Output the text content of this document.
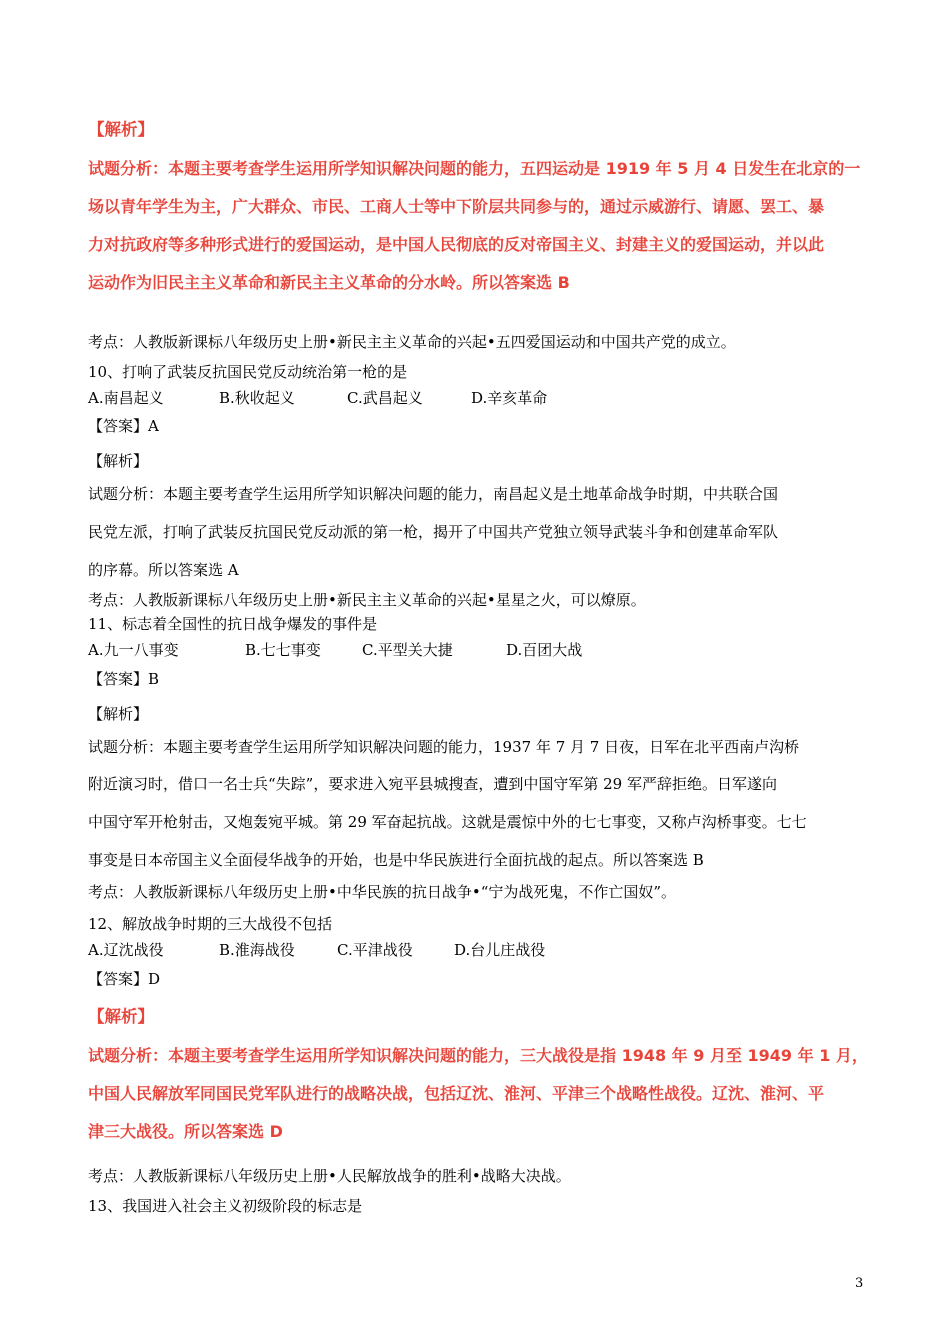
【解析】
试题分析：本题主要考查学生运用所学知识解决问题的能力，五四运动是 1919 年 5 月 4 日发生在北京的一
场以青年学生为主，广大群众、市民、工商人士等中下阶层共同参与的，通过示威游行、请愿、罢工、暴
力对抗政府等多种形式进行的爱国运动，是中国人民彻底的反对帝国主义、封建主义的爱国运动，并以此
运动作为旧民主主义革命和新民主主义革命的分水岭。所以答案选 B
考点：人教版新课标八年级历史上册•新民主主义革命的兴起•五四爱国运动和中国共产党的成立。
10、打响了武装反抗国民党反动统治第一枪的是
A.南昌起义	B.秋收起义	C.武昌起义	D.辛亥革命
【答案】A
【解析】
试题分析：本题主要考查学生运用所学知识解决问题的能力，南昌起义是土地革命战争时期，中共联合国
民党左派，打响了武装反抗国民党反动派的第一枪，揭开了中国共产党独立领导武装斗争和创建革命军队
的序幕。所以答案选 A
考点：人教版新课标八年级历史上册•新民主主义革命的兴起•星星之火，可以燎原。
11、标志着全国性的抗日战争爆发的事件是
A.九一八事变	B.七七事变	C.平型关大捷	D.百团大战
【答案】B
【解析】
试题分析：本题主要考查学生运用所学知识解决问题的能力，1937 年 7 月 7 日夜，日军在北平西南卢沟桥
附近演习时，借口一名士兵“失踪”，要求进入宛平县城搜查，遭到中国守军第 29 军严辞拒绝。日军遂向
中国守军开枪射击，又炮轰宛平城。第 29 军奋起抗战。这就是震惊中外的七七事变，又称卢沟桥事变。七七
事变是日本帝国主义全面侵华战争的开始，也是中华民族进行全面抗战的起点。所以答案选 B
考点：人教版新课标八年级历史上册•中华民族的抗日战争•“宁为战死鬼，不作亡国奴”。
12、解放战争时期的三大战役不包括
A.辽沈战役	B.淮海战役	C.平津战役	D.台儿庄战役
【答案】D
【解析】
试题分析：本题主要考查学生运用所学知识解决问题的能力，三大战役是指 1948 年 9 月至 1949 年 1 月，
中国人民解放军同国民党军队进行的战略决战，包括辽沈、淮河、平津三个战略性战役。辽沈、淮河、平
津三大战役。所以答案选 D
考点：人教版新课标八年级历史上册•人民解放战争的胜利•战略大决战。
13、我国进入社会主义初级阶段的标志是
3
